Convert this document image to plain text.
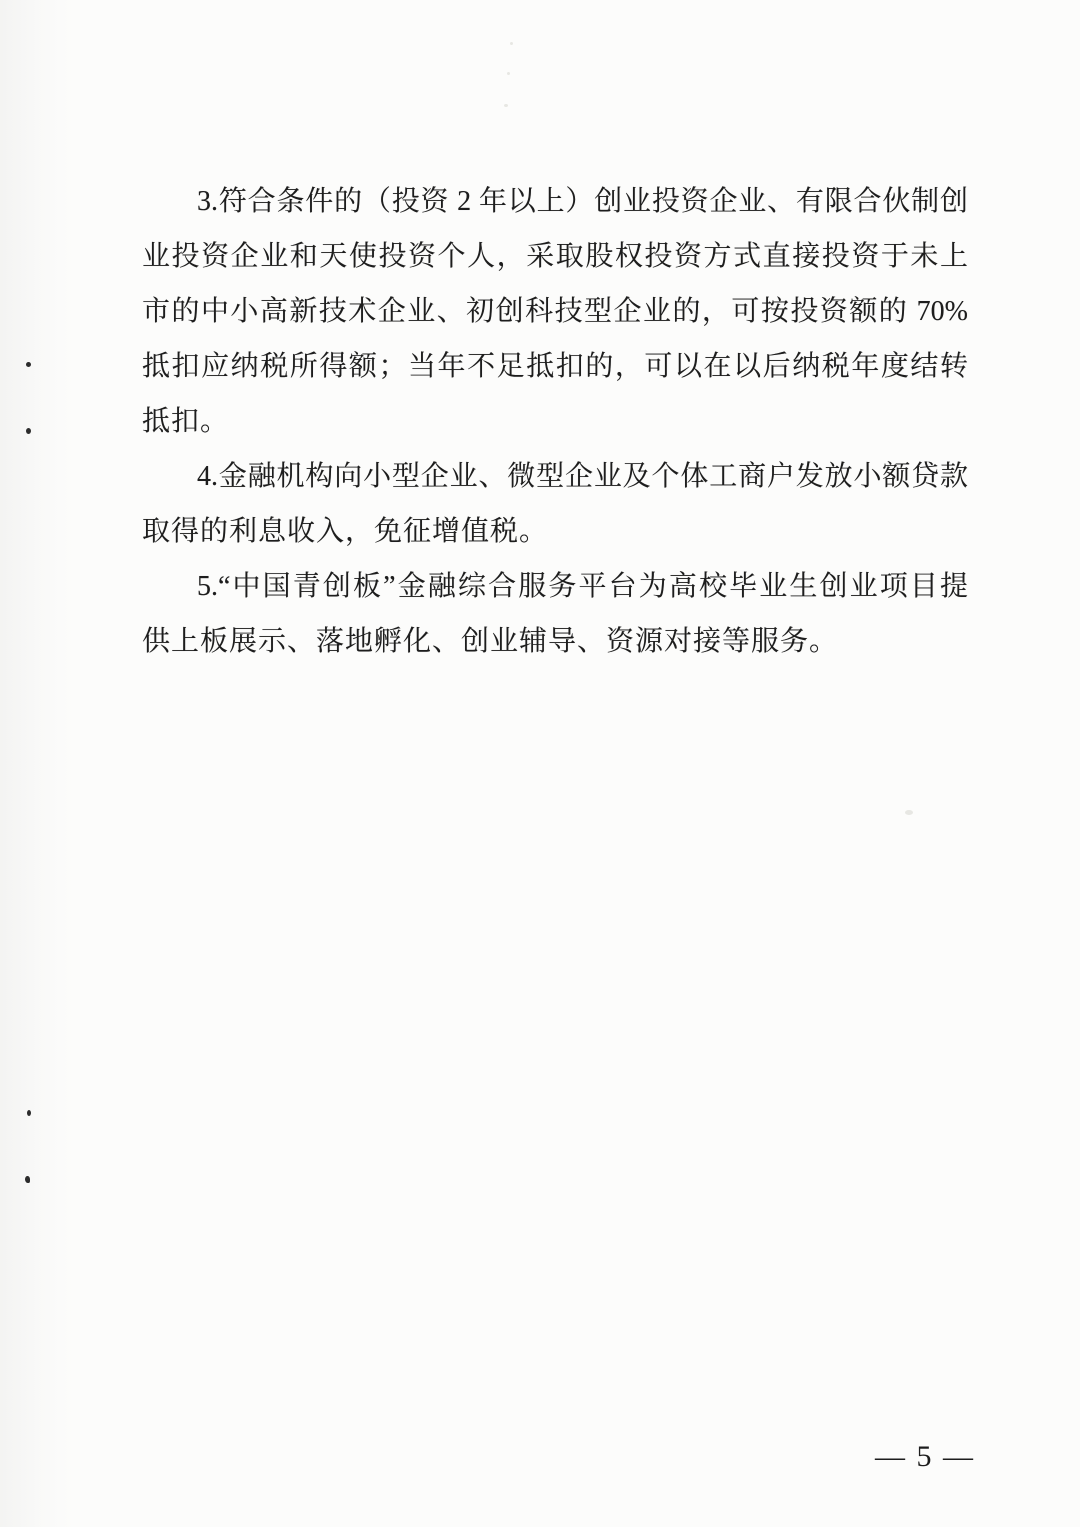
3.符合条件的（投资 2 年以上）创业投资企业、有限合伙制创
业投资企业和天使投资个人，采取股权投资方式直接投资于未上
市的中小高新技术企业、初创科技型企业的，可按投资额的 70%
抵扣应纳税所得额；当年不足抵扣的，可以在以后纳税年度结转
抵扣。
4.金融机构向小型企业、微型企业及个体工商户发放小额贷款
取得的利息收入，免征增值税。
5.“中国青创板”金融综合服务平台为高校毕业生创业项目提
供上板展示、落地孵化、创业辅导、资源对接等服务。
— 5 —
